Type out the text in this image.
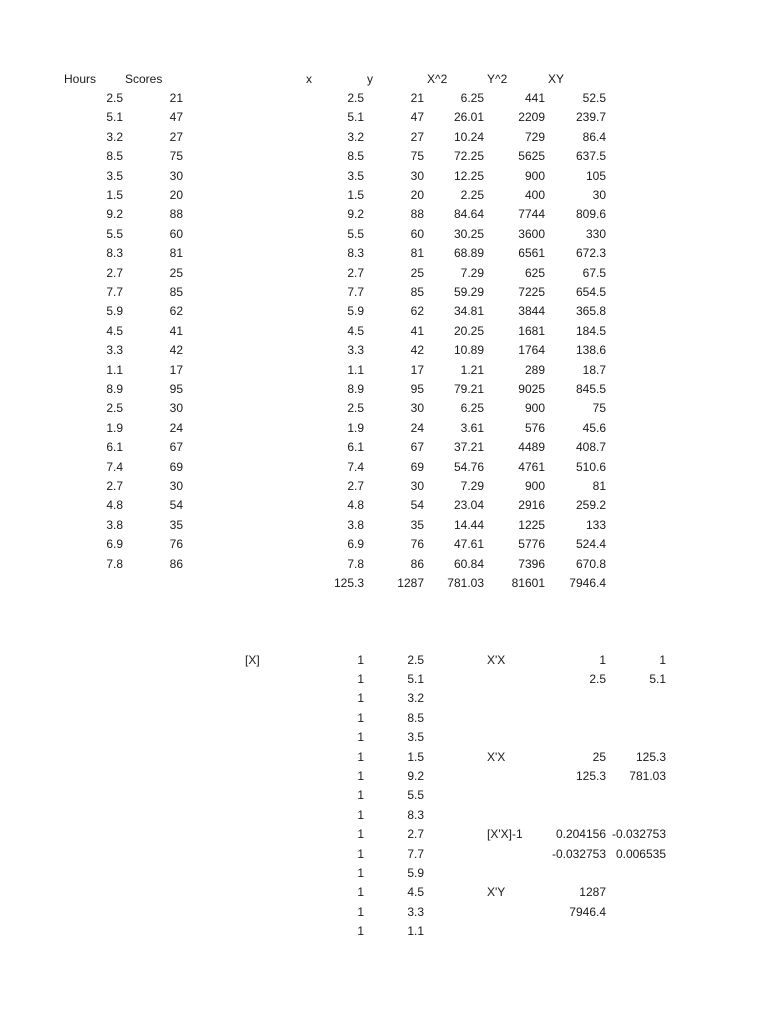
Hours	Scores
2.5	21
5.1	47
3.2	27
8.5	75
3.5	30
1.5	20
9.2	88
5.5	60
8.3	81
2.7	25
7.7	85
5.9	62
4.5	41
3.3	42
1.1	17
8.9	95
2.5	30
1.9	24
6.1	67
7.4	69
2.7	30
4.8	54
3.8	35
6.9	76
7.8	86
x	y	X^2	Y^2	XY
2.5	21	6.25	441	52.5
5.1	47	26.01	2209	239.7
3.2	27	10.24	729	86.4
8.5	75	72.25	5625	637.5
3.5	30	12.25	900	105
1.5	20	2.25	400	30
9.2	88	84.64	7744	809.6
5.5	60	30.25	3600	330
8.3	81	68.89	6561	672.3
2.7	25	7.29	625	67.5
7.7	85	59.29	7225	654.5
5.9	62	34.81	3844	365.8
4.5	41	20.25	1681	184.5
3.3	42	10.89	1764	138.6
1.1	17	1.21	289	18.7
8.9	95	79.21	9025	845.5
2.5	30	6.25	900	75
1.9	24	3.61	576	45.6
6.1	67	37.21	4489	408.7
7.4	69	54.76	4761	510.6
2.7	30	7.29	900	81
4.8	54	23.04	2916	259.2
3.8	35	14.44	1225	133
6.9	76	47.61	5776	524.4
7.8	86	60.84	7396	670.8
125.3	1287	781.03	81601	7946.4
[X]	1	2.5
1	5.1
1	3.2
1	8.5
1	3.5
1	1.5
1	9.2
1	5.5
1	8.3
1	2.7
1	7.7
1	5.9
1	4.5
1	3.3
1	1.1
X'X	1	1
2.5	5.1
X'X	25	125.3
125.3	781.03
[X'X]-1	0.204156 -0.032753
-0.032753 0.006535
X'Y	1287
7946.4
